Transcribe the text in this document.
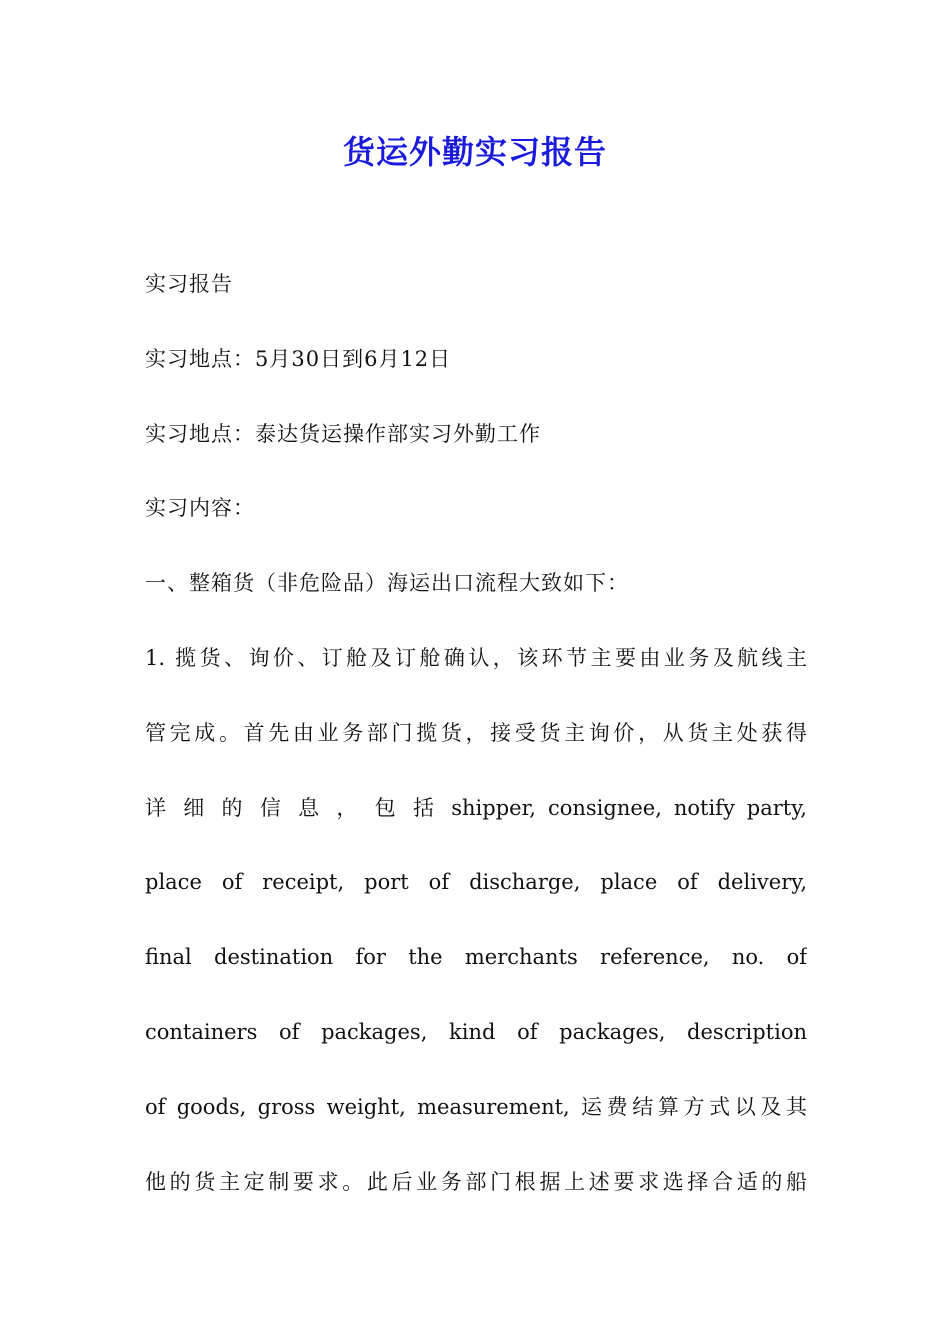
货运外勤实习报告

实习报告

实习地点：5月30日到6月12日

实习地点：泰达货运操作部实习外勤工作

实习内容：

一、整箱货（非危险品）海运出口流程大致如下：

1. 揽货、询价、订舱及订舱确认，该环节主要由业务及航线主

管完成。首先由业务部门揽货，接受货主询价，从货主处获得

详 细 的 信 息 ， 包 括 shipper, consignee, notify party,

place of receipt, port of discharge, place of delivery,

final destination for the merchants reference, no. of

containers of packages, kind of packages, description

of goods, gross weight, measurement, 运费结算方式以及其

他的货主定制要求。此后业务部门根据上述要求选择合适的船
